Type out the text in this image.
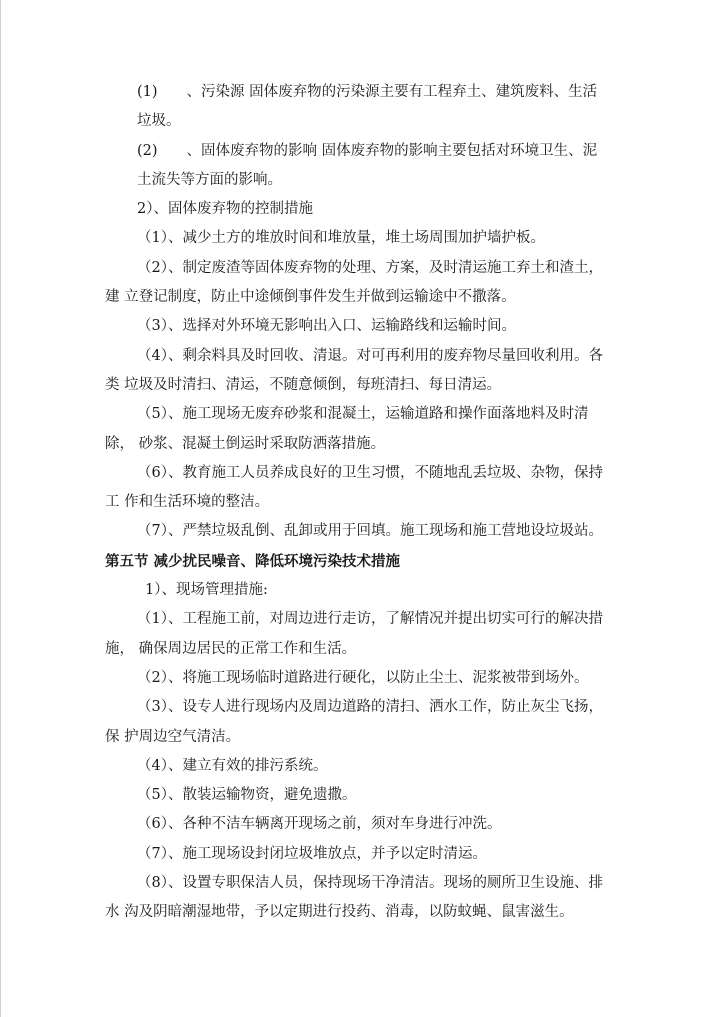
(1)　　、污染源 固体废弃物的污染源主要有工程弃土、建筑废料、生活
垃圾。
(2)　　、固体废弃物的影响 固体废弃物的影响主要包括对环境卫生、泥
土流失等方面的影响。
2）、固体废弃物的控制措施
（1）、减少土方的堆放时间和堆放量，堆土场周围加护墙护板。
（2）、制定废渣等固体废弃物的处理、方案，及时清运施工弃土和渣土，
建 立登记制度，防止中途倾倒事件发生并做到运输途中不撒落。
（3）、选择对外环境无影响出入口、运输路线和运输时间。
（4）、剩余料具及时回收、清退。对可再利用的废弃物尽量回收利用。各
类 垃圾及时清扫、清运，不随意倾倒，每班清扫、每日清运。
（5）、施工现场无废弃砂浆和混凝土，运输道路和操作面落地料及时清
除， 砂浆、混凝土倒运时采取防洒落措施。
（6）、教育施工人员养成良好的卫生习惯，不随地乱丢垃圾、杂物，保持
工 作和生活环境的整洁。
（7）、严禁垃圾乱倒、乱卸或用于回填。施工现场和施工营地设垃圾站。
第五节 减少扰民噪音、降低环境污染技术措施
1）、现场管理措施:
（1）、工程施工前，对周边进行走访，了解情况并提出切实可行的解决措
施， 确保周边居民的正常工作和生活。
（2）、将施工现场临时道路进行硬化，以防止尘土、泥浆被带到场外。
（3）、设专人进行现场内及周边道路的清扫、洒水工作，防止灰尘飞扬，
保 护周边空气清洁。
（4）、建立有效的排污系统。
（5）、散装运输物资，避免遗撒。
（6）、各种不洁车辆离开现场之前，须对车身进行冲洗。
（7）、施工现场设封闭垃圾堆放点，并予以定时清运。
（8）、设置专职保洁人员，保持现场干净清洁。现场的厕所卫生设施、排
水 沟及阴暗潮湿地带，予以定期进行投药、消毒，以防蚊蝇、鼠害滋生。
